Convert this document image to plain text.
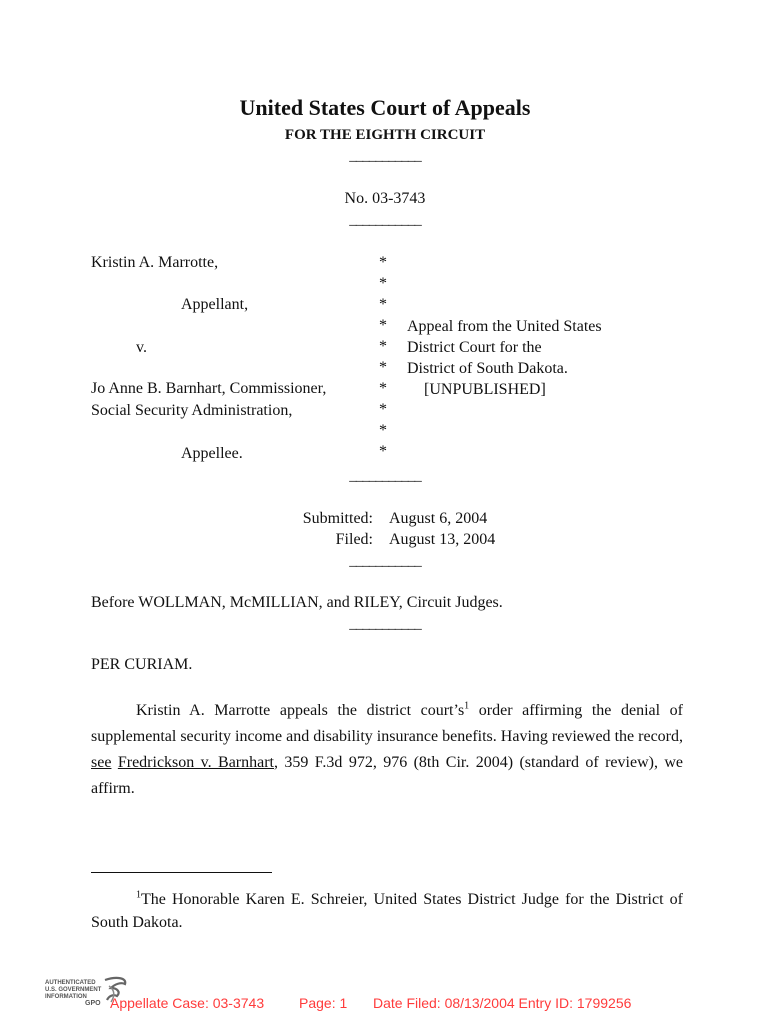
United States Court of Appeals
FOR THE EIGHTH CIRCUIT
___________
No. 03-3743
___________
Kristin A. Marrotte,
Appellant,
v.
Jo Anne B. Barnhart, Commissioner,
Social Security Administration,
Appellee.
*
*
*
*
*
*
*
*
*
*
Appeal from the United States
District Court for the
District of South Dakota.
[UNPUBLISHED]
___________
Submitted:
Filed:
August 6, 2004
August 13, 2004
___________
Before WOLLMAN, McMILLIAN, and RILEY, Circuit Judges.
___________
PER CURIAM.
Kristin A. Marrotte appeals the district $court’s^1$ order affirming the denial of supplemental security income and disability insurance benefits. Having reviewed the record, see Fredrickson v. Barnhart, 359 F.3d 972, 976 (8th Cir. 2004) (standard of review), we affirm.
$^1$The Honorable Karen E. Schreier, United States District Judge for the District of South Dakota.
AUTHENTICATED
U.S. GOVERNMENT
INFORMATION
GPO Appellate Case: 03-3743 Page: 1 Date Filed: 08/13/2004 Entry ID: 1799256
